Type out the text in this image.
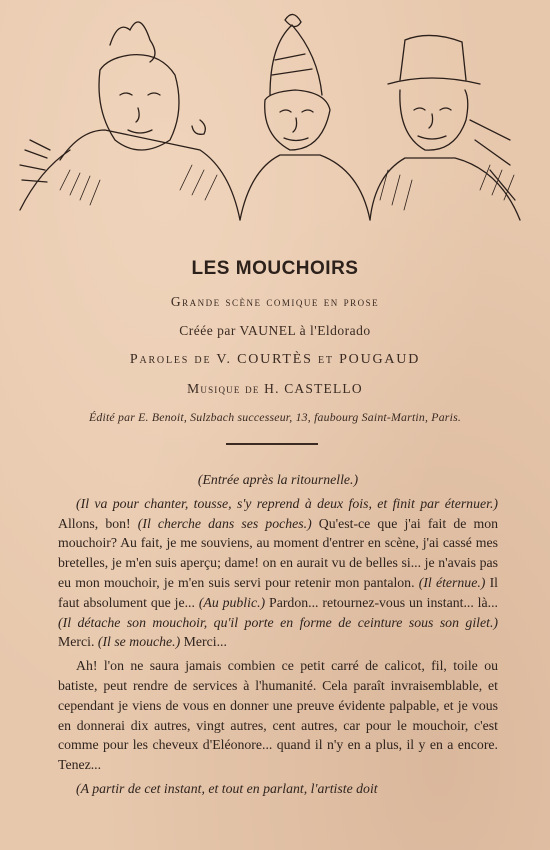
LES MOUCHOIRS
Grande scène comique en prose
Créée par VAUNEL à l'Eldorado
Paroles de V. COURTÈS et POUGAUD
Musique de H. CASTELLO
Édité par E. Benoit, Sulzbach successeur, 13, faubourg Saint-Martin, Paris.

(Entrée après la ritournelle.)

(Il va pour chanter, tousse, s'y reprend à deux fois, et finit par éternuer.) Allons, bon! (Il cherche dans ses poches.) Qu'est-ce que j'ai fait de mon mouchoir? Au fait, je me souviens, au moment d'entrer en scène, j'ai cassé mes bretelles, je m'en suis aperçu; dame! on en aurait vu de belles si... je n'avais pas eu mon mouchoir, je m'en suis servi pour retenir mon pantalon. (Il éternue.) Il faut absolument que je... (Au public.) Pardon... retournez-vous un instant... là... (Il détache son mouchoir, qu'il porte en forme de ceinture sous son gilet.) Merci. (Il se mouche.) Merci...

Ah! l'on ne saura jamais combien ce petit carré de calicot, fil, toile ou batiste, peut rendre de services à l'humanité. Cela paraît invraisemblable, et cependant je viens de vous en donner une preuve évidente palpable, et je vous en donnerai dix autres, vingt autres, cent autres, car pour le mouchoir, c'est comme pour les cheveux d'Eléonore... quand il n'y en a plus, il y en a encore. Tenez...

(A partir de cet instant, et tout en parlant, l'artiste doit
